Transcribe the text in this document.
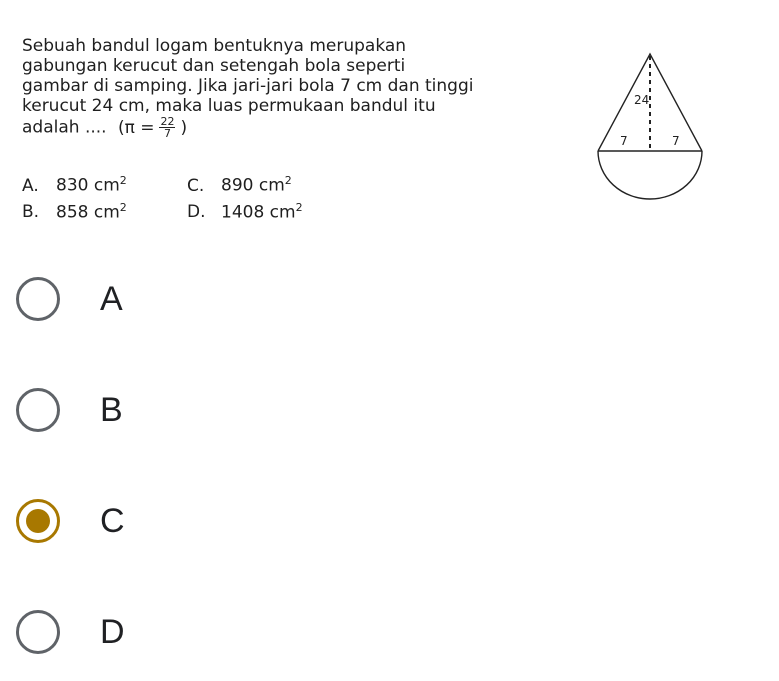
Sebuah bandul logam bentuknya merupakan
gabungan kerucut dan setengah bola seperti
gambar di samping. Jika jari-jari bola 7 cm dan tinggi
kerucut 24 cm, maka luas permukaan bandul itu
adalah .... ($\pi = \frac{22}{7}$ )
A. 830 $cm^2$	C. 890 $cm^2$
B. 858 $cm^2$	D. 1408 $cm^2$
24
7	7
A
B
C
D
